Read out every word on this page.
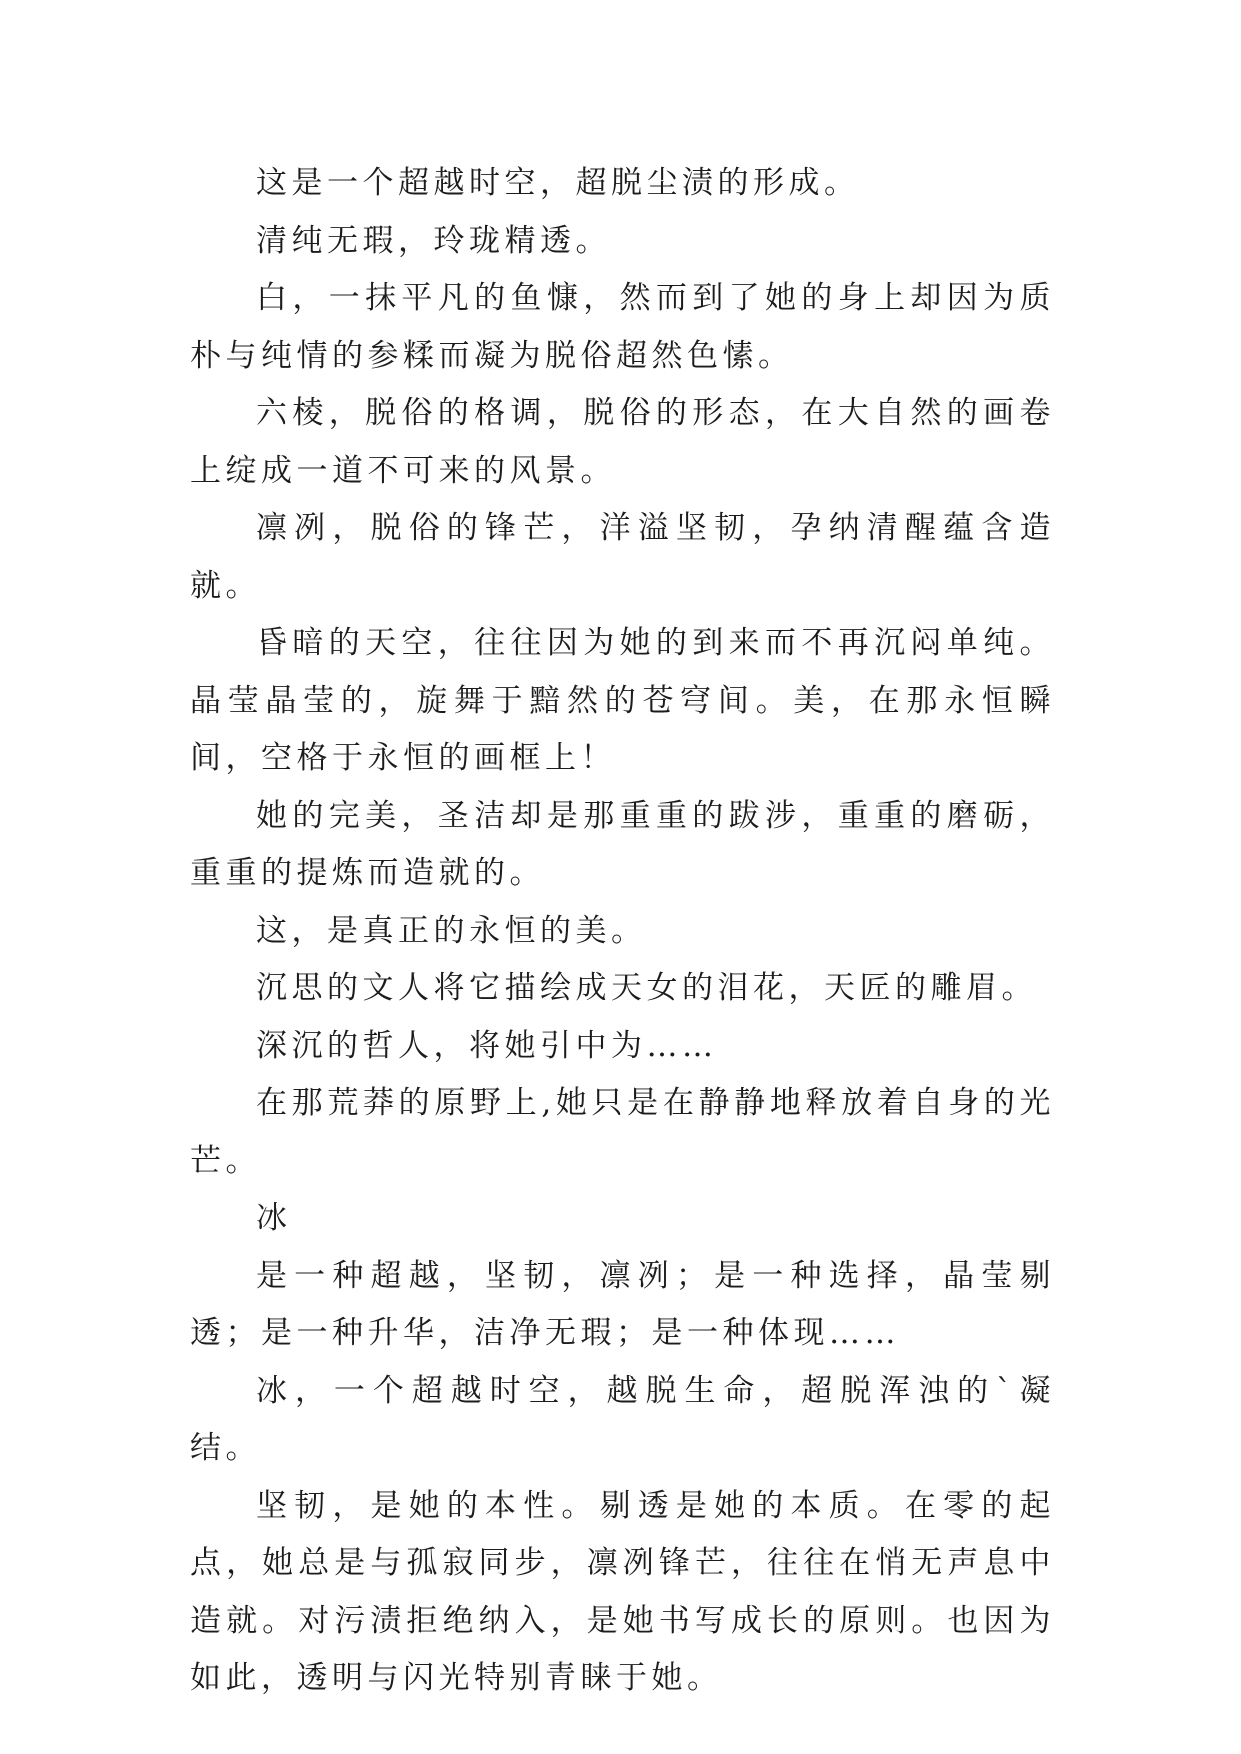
这是一个超越时空，超脱尘渍的形成。

清纯无瑕，玲珑精透。

白，一抹平凡的鱼慷，然而到了她的身上却因为质朴与纯情的参糅而凝为脱俗超然色愫。

六棱，脱俗的格调，脱俗的形态，在大自然的画卷上绽成一道不可来的风景。

凛冽，脱俗的锋芒，洋溢坚韧，孕纳清醒蕴含造就。

昏暗的天空，往往因为她的到来而不再沉闷单纯。晶莹晶莹的，旋舞于黯然的苍穹间。美，在那永恒瞬间，空格于永恒的画框上！

她的完美，圣洁却是那重重的跋涉，重重的磨砺，重重的提炼而造就的。

这，是真正的永恒的美。

沉思的文人将它描绘成天女的泪花，天匠的雕眉。

深沉的哲人，将她引中为……

在那荒莽的原野上,她只是在静静地释放着自身的光芒。

冰

是一种超越，坚韧，凛冽；是一种选择，晶莹剔透；是一种升华，洁净无瑕；是一种体现……

冰，一个超越时空，越脱生命，超脱浑浊的`凝结。

坚韧，是她的本性。剔透是她的本质。在零的起点，她总是与孤寂同步，凛冽锋芒，往往在悄无声息中造就。对污渍拒绝纳入，是她书写成长的原则。也因为如此，透明与闪光特别青睐于她。
